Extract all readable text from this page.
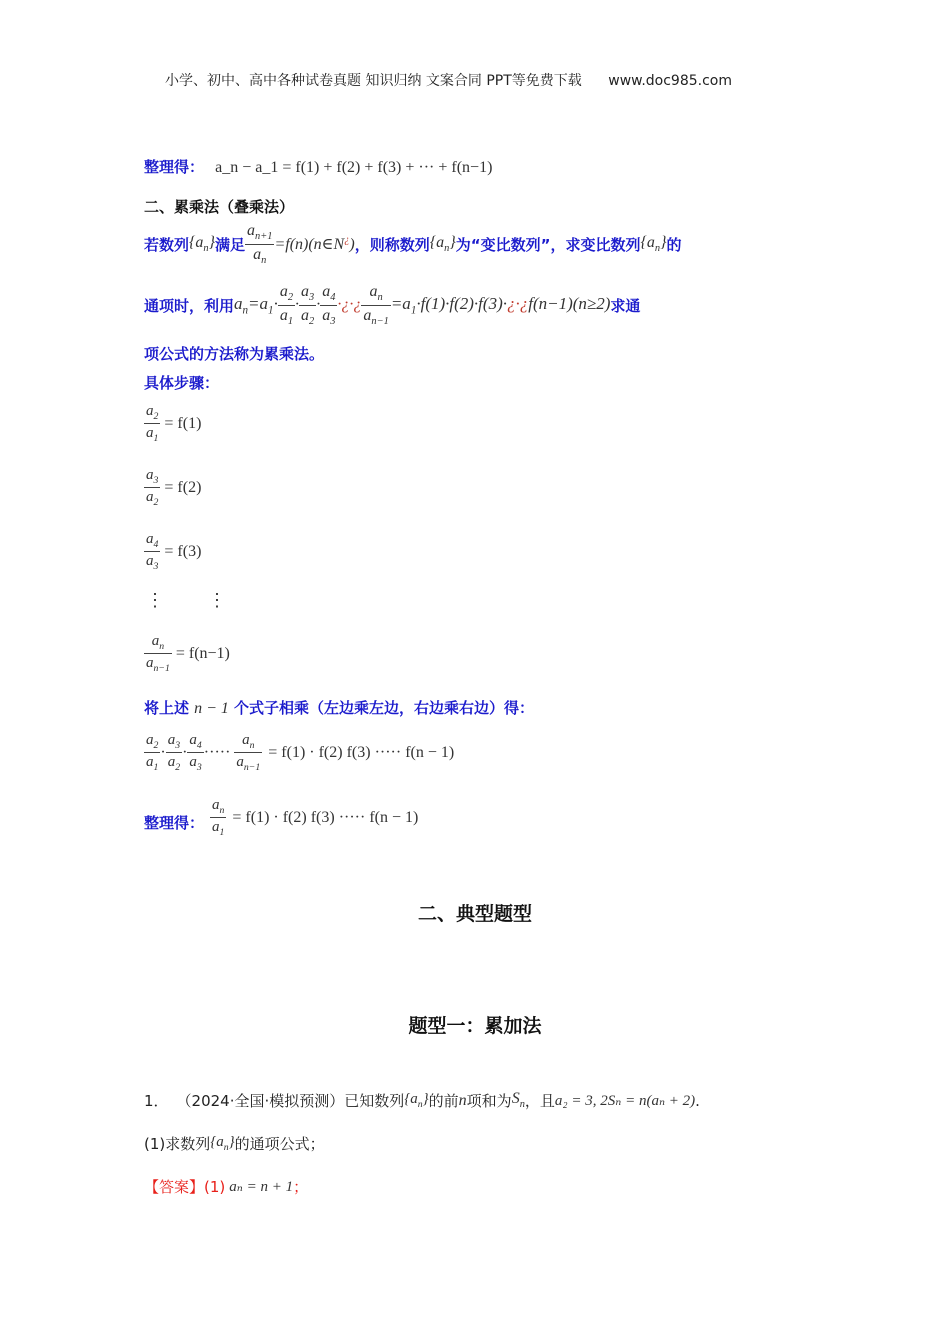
小学、初中、高中各种试卷真题 知识归纳 文案合同 PPT等免费下载 www.doc985.com
整理得： a_n − a_1 = f(1) + f(2) + f(3) + ··· + f(n−1)
二、累乘法（叠乘法）
若数列 $\{a_n\}$ 满足 $\frac{a_{n+1}}{a_n}$ =f(n)(n∈N¿) ，则称数列 $\{a_n\}$ 为“变比数列”，求变比数列 $\{a_n\}$ 的
通项时，利用 $a_n=a_1\cdot \frac{a_2}{a_1} \cdot \frac{a_3}{a_2} \cdot \frac{a_4}{a_3}$ ·¿·¿ $\frac{a_n}{a_{n-1}}$ $=a_1\cdot f(1)\cdot f(2)\cdot f(3)\cdot¿\cdot¿f(n-1)(n\ge 2)$ 求通
项公式的方法称为累乘法。
具体步骤：
$\frac{a_2}{a_1} = f(1)$
$\frac{a_3}{a_2} = f(2)$
$\frac{a_4}{a_3} = f(3)$
⋮ ⋮
$\frac{a_n}{a_{n-1}} = f(n-1)$
将上述 n − 1 个式子相乘（左边乘左边，右边乘右边）得：
$\frac{a_2}{a_1} \cdot \frac{a_3}{a_2} \cdot \frac{a_4}{a_3}$ ····· $\frac{a_n}{a_{n-1}} = f(1) \cdot f(2)$ f(3) ····· f(n − 1)
整理得： $\frac{a_n}{a_1} = f(1) \cdot f(2)$ f(3) ····· f(n − 1)
二、典型题型
题型一：累加法
1． （2024·全国·模拟预测） 已知数列 $\{a_n\}$ 的前 n 项和为 $S_n$ ，且 a₂ = 3, 2Sₙ = n(aₙ + 2) .
(1)求数列 $\{a_n\}$ 的通项公式；
【答案】 (1) aₙ = n + 1 ；
